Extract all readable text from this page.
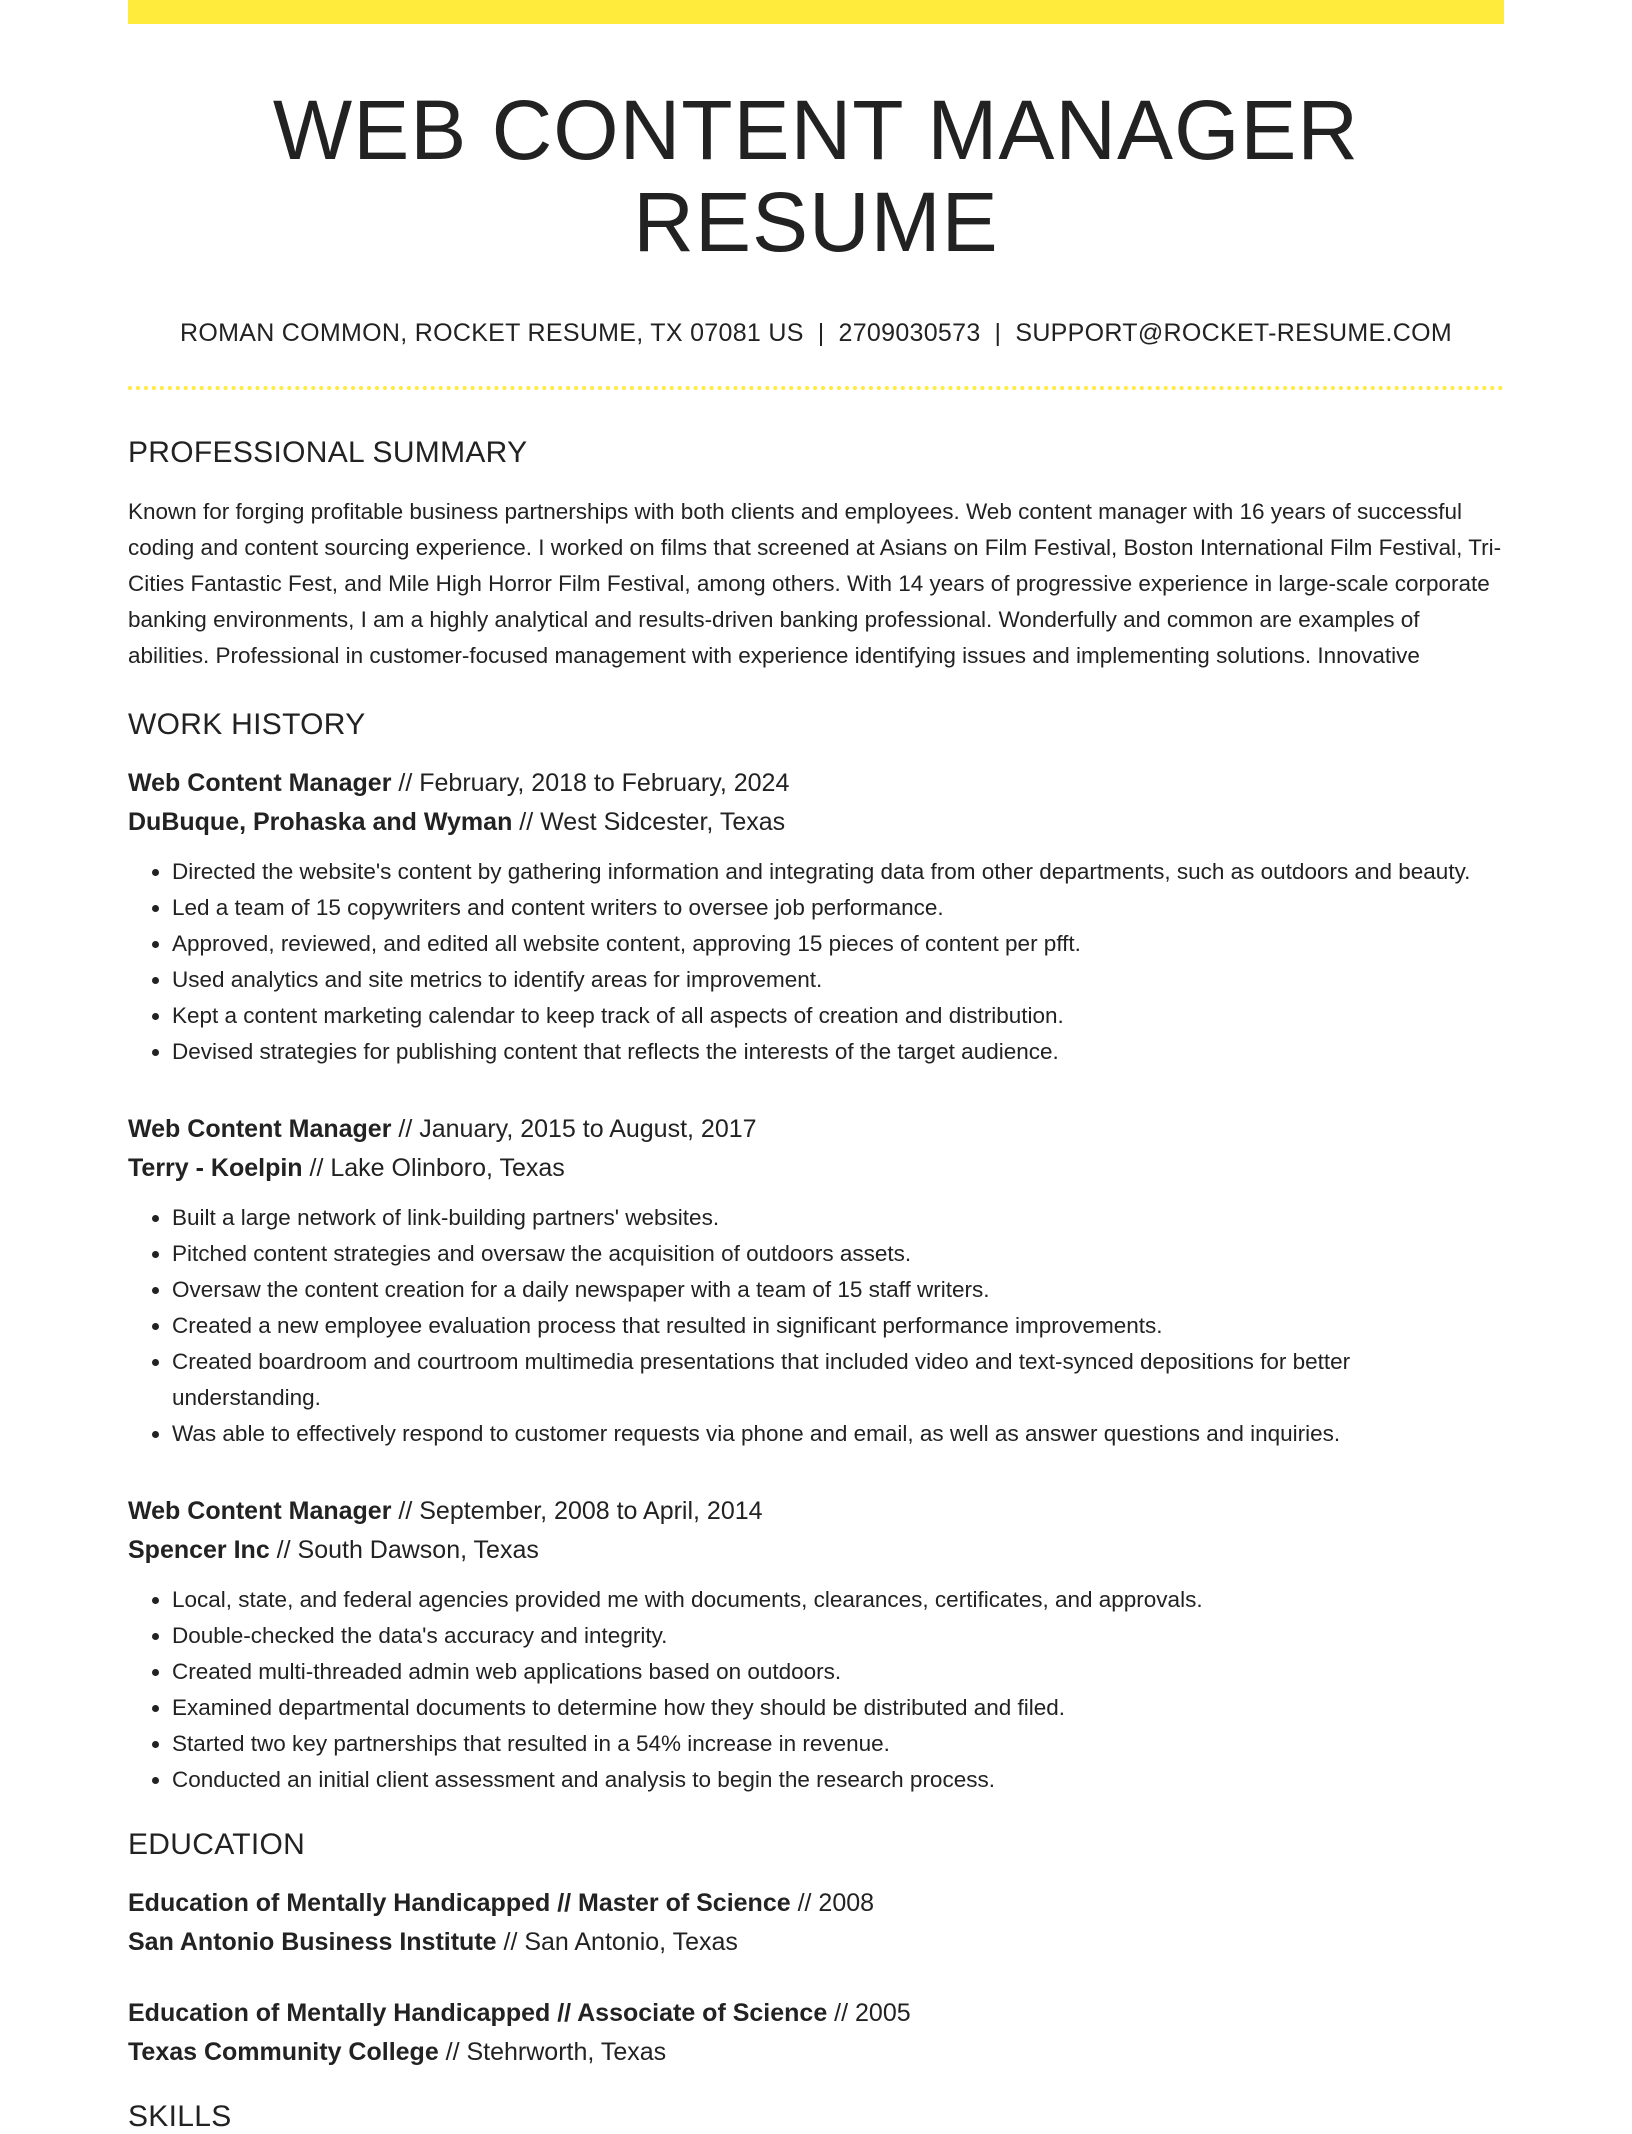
WEB CONTENT MANAGER RESUME
ROMAN COMMON, ROCKET RESUME, TX 07081 US | 2709030573 | SUPPORT@ROCKET-RESUME.COM
PROFESSIONAL SUMMARY

Known for forging profitable business partnerships with both clients and employees. Web content manager with 16 years of successful coding and content sourcing experience. I worked on films that screened at Asians on Film Festival, Boston International Film Festival, Tri-Cities Fantastic Fest, and Mile High Horror Film Festival, among others. With 14 years of progressive experience in large-scale corporate banking environments, I am a highly analytical and results-driven banking professional. Wonderfully and common are examples of abilities. Professional in customer-focused management with experience identifying issues and implementing solutions. Innovative

WORK HISTORY
Web Content Manager // February, 2018 to February, 2024
DuBuque, Prohaska and Wyman // West Sidcester, Texas
• Directed the website's content by gathering information and integrating data from other departments, such as outdoors and beauty.
• Led a team of 15 copywriters and content writers to oversee job performance.
• Approved, reviewed, and edited all website content, approving 15 pieces of content per pfft.
• Used analytics and site metrics to identify areas for improvement.
• Kept a content marketing calendar to keep track of all aspects of creation and distribution.
• Devised strategies for publishing content that reflects the interests of the target audience.
Web Content Manager // January, 2015 to August, 2017
Terry - Koelpin // Lake Olinboro, Texas
• Built a large network of link-building partners' websites.
• Pitched content strategies and oversaw the acquisition of outdoors assets.
• Oversaw the content creation for a daily newspaper with a team of 15 staff writers.
• Created a new employee evaluation process that resulted in significant performance improvements.
• Created boardroom and courtroom multimedia presentations that included video and text-synced depositions for better understanding.
• Was able to effectively respond to customer requests via phone and email, as well as answer questions and inquiries.
Web Content Manager // September, 2008 to April, 2014
Spencer Inc // South Dawson, Texas
• Local, state, and federal agencies provided me with documents, clearances, certificates, and approvals.
• Double-checked the data's accuracy and integrity.
• Created multi-threaded admin web applications based on outdoors.
• Examined departmental documents to determine how they should be distributed and filed.
• Started two key partnerships that resulted in a 54% increase in revenue.
• Conducted an initial client assessment and analysis to begin the research process.
EDUCATION
Education of Mentally Handicapped // Master of Science // 2008
San Antonio Business Institute // San Antonio, Texas
Education of Mentally Handicapped // Associate of Science // 2005
Texas Community College // Stehrworth, Texas
SKILLS
